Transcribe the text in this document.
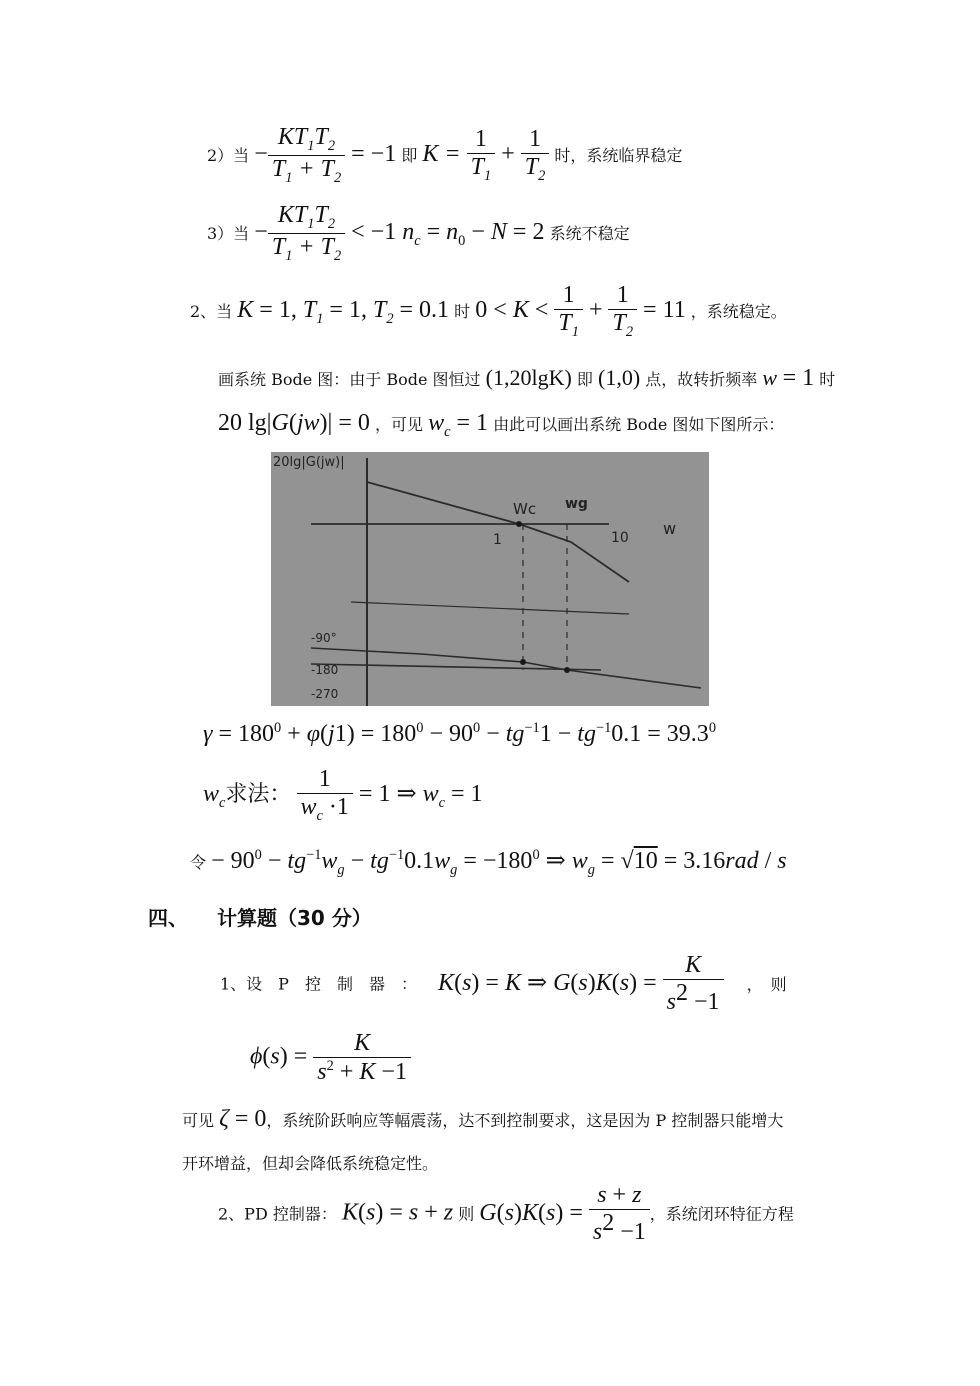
2）当 − $\frac{KT_1T_2}{T_1 + T_2} = -1$ 即 $K = \frac{1}{T_1} + \frac{1}{T_2}$ 时，系统临界稳定
3）当 − $\frac{KT_1T_2}{T_1 + T_2} < -1$ $n_c = n_0 - N = 2$ 系统不稳定
2、当 K = 1, $T_1 = 1$, $T_2 = 0.1$ 时 $0 < K < \frac{1}{T_1} + \frac{1}{T_2} = 11$ ，系统稳定。
画系统 Bode 图：由于 Bode 图恒过 (1,20lgK) 即 (1,0) 点，故转折频率 w = 1 时
20 lg|G(jw)| = 0 ，可见 $w_c = 1$ 由此可以画出系统 Bode 图如下图所示：
20lg|G(jw)|
Wc wg
1	10 w
-90°
-180
-270
$\gamma = 180^0 + \varphi(j1) = 180^0 - 90^0 - tg^{-1}1 - tg^{-1}0.1 = 39.3^0$
$w_c$求法： $\frac{1}{w_c \cdot 1} = 1$ ⇒ $w_c = 1$
令 − $90^0 - tg^{-1}w_g - tg^{-1}0.1w_g = -180^0$ ⇒ $w_g = √10 = 3.16rad / s$
四、 计算题（30 分）
1、设　P　控　制　器　： K(s) = K ⇒ $G(s)K(s) = \frac{K}{s^2 -1}$ ，　则
$\phi(s) = \frac{K}{s^2 + K -1}$
可见 ζ = 0，系统阶跃响应等幅震荡，达不到控制要求，这是因为 P 控制器只能增大
开环增益，但却会降低系统稳定性。
2、PD 控制器： K(s) = s + z 则 $G(s)K(s) = \frac{s + z}{s^2 -1}$ ，系统闭环特征方程
